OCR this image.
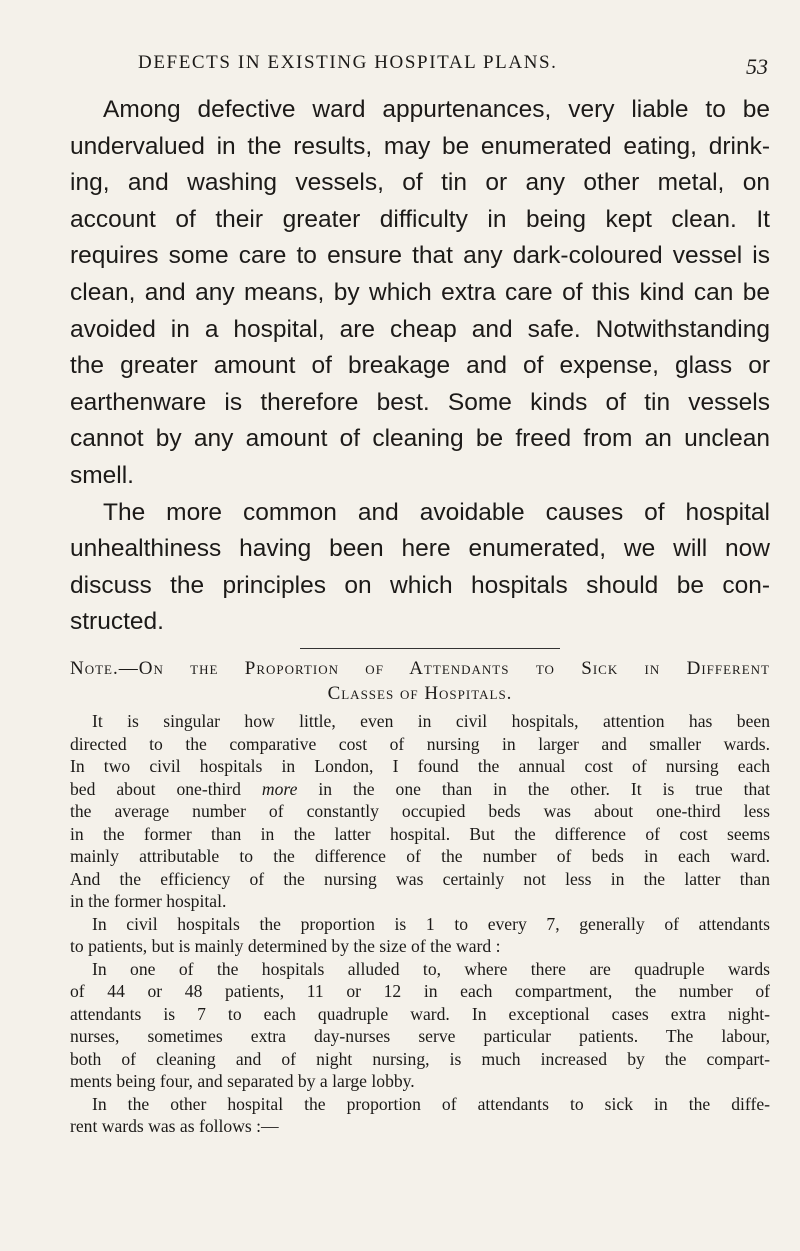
DEFECTS IN EXISTING HOSPITAL PLANS.	53
Among defective ward appurtenances, very liable to be
undervalued in the results, may be enumerated eating, drink-
ing, and washing vessels, of tin or any other metal, on
account of their greater difficulty in being kept clean. It
requires some care to ensure that any dark-coloured vessel is
clean, and any means, by which extra care of this kind can be
avoided in a hospital, are cheap and safe. Notwithstanding
the greater amount of breakage and of expense, glass or
earthenware is therefore best. Some kinds of tin vessels
cannot by any amount of cleaning be freed from an unclean
smell.
The more common and avoidable causes of hospital
unhealthiness having been here enumerated, we will now
discuss the principles on which hospitals should be con-
structed.
Note.—On the Proportion of Attendants to Sick in Different
Classes of Hospitals.
It is singular how little, even in civil hospitals, attention has been
directed to the comparative cost of nursing in larger and smaller wards.
In two civil hospitals in London, I found the annual cost of nursing each
bed about one-third more in the one than in the other. It is true that
the average number of constantly occupied beds was about one-third less
in the former than in the latter hospital. But the difference of cost seems
mainly attributable to the difference of the number of beds in each ward.
And the efficiency of the nursing was certainly not less in the latter than
in the former hospital.
In civil hospitals the proportion is 1 to every 7, generally of attendants
to patients, but is mainly determined by the size of the ward :
In one of the hospitals alluded to, where there are quadruple wards
of 44 or 48 patients, 11 or 12 in each compartment, the number of
attendants is 7 to each quadruple ward. In exceptional cases extra night-
nurses, sometimes extra day-nurses serve particular patients. The labour,
both of cleaning and of night nursing, is much increased by the compart-
ments being four, and separated by a large lobby.
In the other hospital the proportion of attendants to sick in the diffe-
rent wards was as follows :—
